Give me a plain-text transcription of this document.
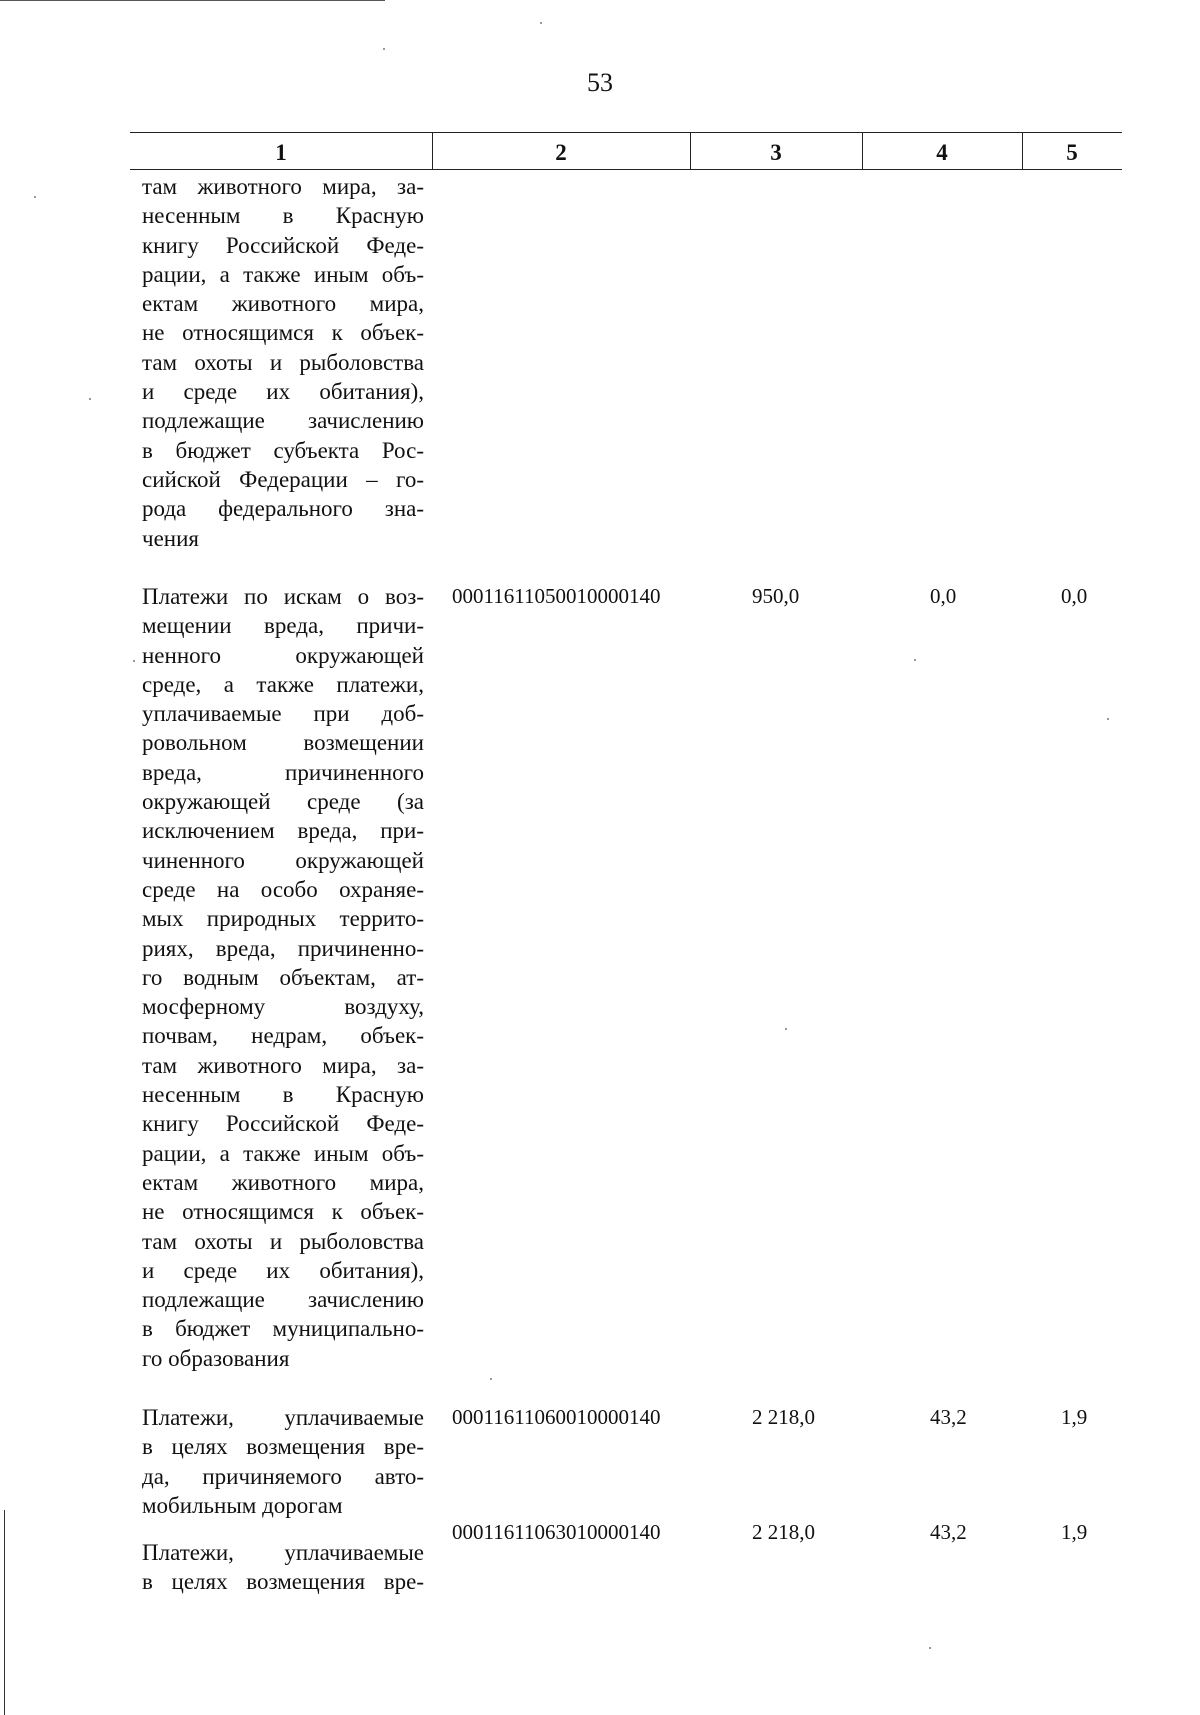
53
1	2	3	4	5
там животного мира, за-
несенным в Красную
книгу Российской Феде-
рации, а также иным объ-
ектам животного мира,
не относящимся к объек-
там охоты и рыболовства
и среде их обитания),
подлежащие зачислению
в бюджет субъекта Рос-
сийской Федерации – го-
рода федерального зна-
чения
Платежи по искам о воз-
мещении вреда, причи-
ненного окружающей
среде, а также платежи,
уплачиваемые при доб-
ровольном возмещении
вреда, причиненного
окружающей среде (за
исключением вреда, при-
чиненного окружающей
среде на особо охраняе-
мых природных террито-
риях, вреда, причиненно-
го водным объектам, ат-
мосферному воздуху,
почвам, недрам, объек-
там животного мира, за-
несенным в Красную
книгу Российской Феде-
рации, а также иным объ-
ектам животного мира,
не относящимся к объек-
там охоты и рыболовства
и среде их обитания),
подлежащие зачислению
в бюджет муниципально-
го образования
00011611050010000140	950,0	0,0	0,0
Платежи, уплачиваемые
в целях возмещения вре-
да, причиняемого авто-
мобильным дорогам
00011611060010000140	2 218,0	43,2	1,9
Платежи, уплачиваемые
в целях возмещения вре-
00011611063010000140	2 218,0	43,2	1,9
